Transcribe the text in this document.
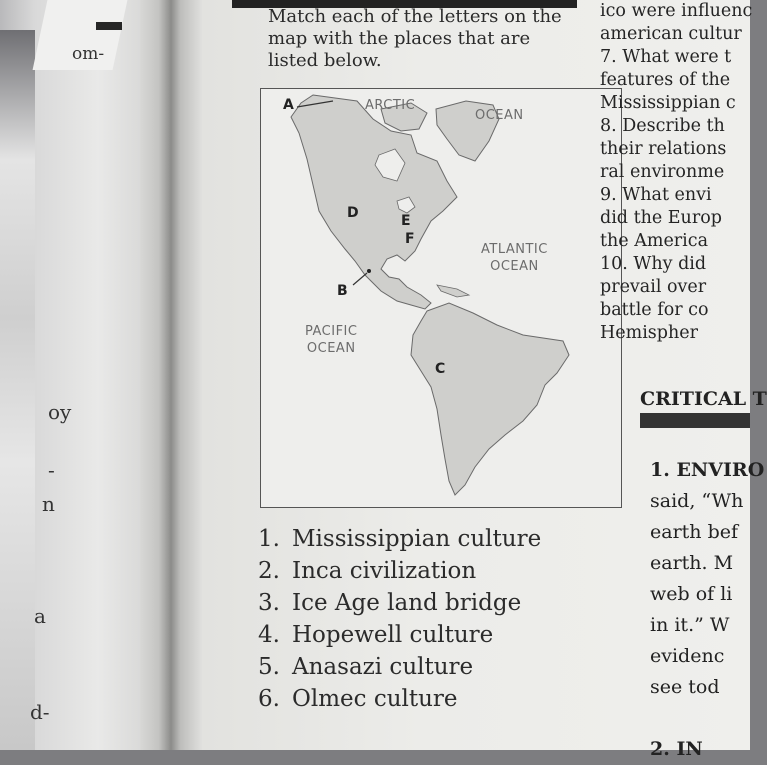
om-
oy
-
n
a
d-
Match each of the letters on the
map with the places that are
listed below.
ARCTIC
OCEAN
ATLANTIC
OCEAN
PACIFIC
OCEAN
A
B
C
D	E
F
1. Mississippian culture
2. Inca civilization
3. Ice Age land bridge
4. Hopewell culture
5. Anasazi culture
6. Olmec culture
ico were influenc
american cultur
7. What were t
features of the
Mississippian c
8. Describe th
their relations
ral environme
9. What envi
did the Europ
the America
10. Why did
prevail over
battle for co
Hemispher
CRITICAL T
1. ENVIRO
said, “Wh
earth bef
earth. M
web of li
in it.” W
evidenc
see tod
2. IN
